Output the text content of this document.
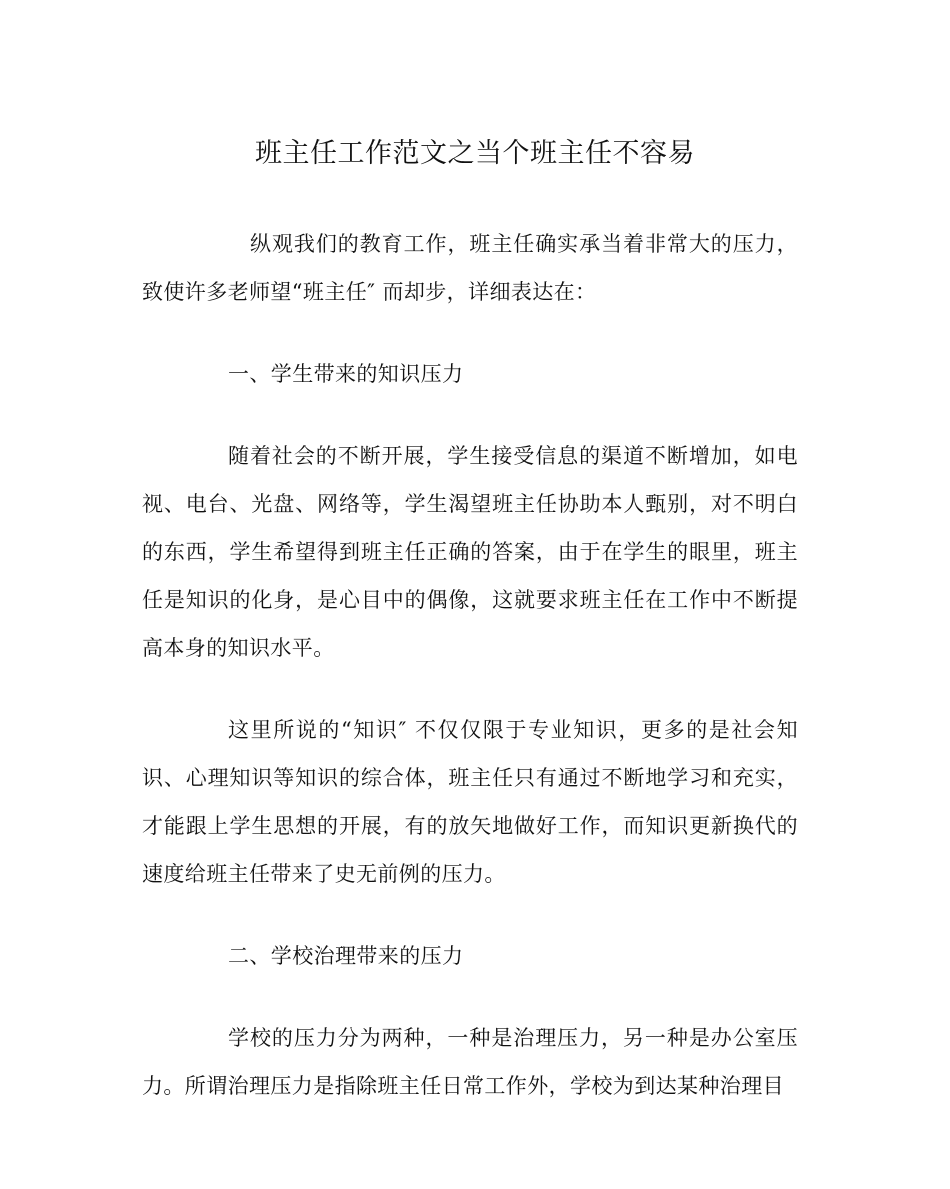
班主任工作范文之当个班主任不容易

纵观我们的教育工作，班主任确实承当着非常大的压力，致使许多老师望“班主任″ 而却步，详细表达在：

一、学生带来的知识压力

随着社会的不断开展，学生接受信息的渠道不断增加，如电视、电台、光盘、网络等，学生渴望班主任协助本人甄别，对不明白的东西，学生希望得到班主任正确的答案，由于在学生的眼里，班主任是知识的化身，是心目中的偶像，这就要求班主任在工作中不断提高本身的知识水平。

这里所说的“知识″ 不仅仅限于专业知识，更多的是社会知识、心理知识等知识的综合体，班主任只有通过不断地学习和充实，才能跟上学生思想的开展，有的放矢地做好工作，而知识更新换代的速度给班主任带来了史无前例的压力。

二、学校治理带来的压力

学校的压力分为两种，一种是治理压力，另一种是办公室压力。所谓治理压力是指除班主任日常工作外，学校为到达某种治理目
